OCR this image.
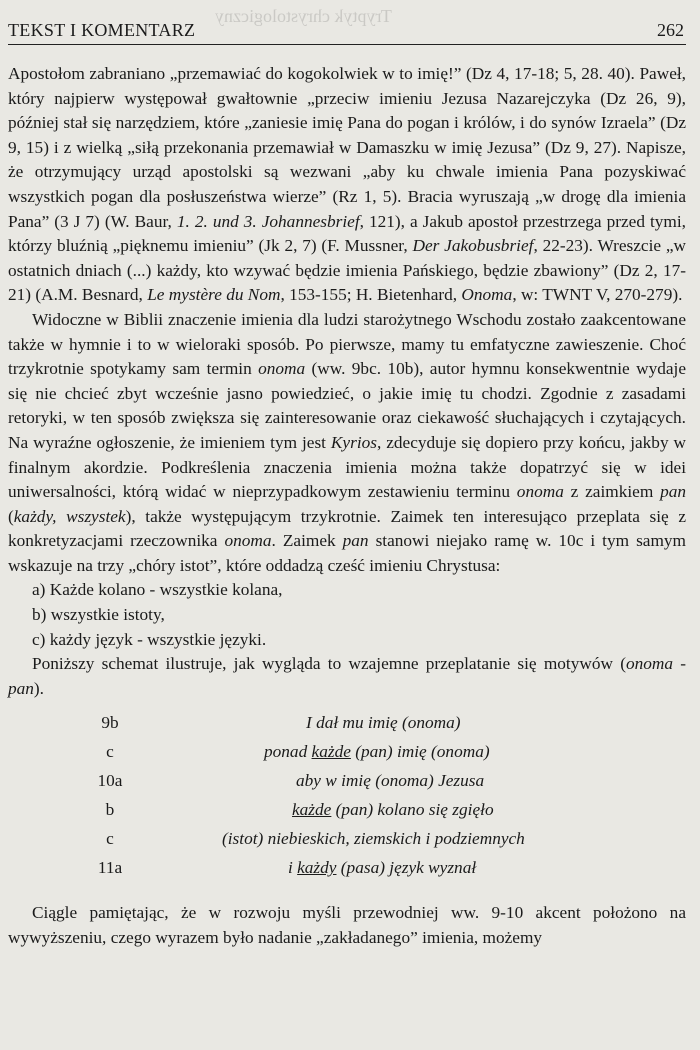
Tryptyk chrystologiczny
TEKST I KOMENTARZ	262

Apostołom zabraniano „przemawiać do kogokolwiek w to imię!” (Dz 4, 17-18; 5, 28. 40). Paweł, który najpierw występował gwałtownie „przeciw imieniu Jezusa Nazarejczyka (Dz 26, 9), później stał się narzędziem, które „zaniesie imię Pana do pogan i królów, i do synów Izraela” (Dz 9, 15) i z wielką „siłą przekonania przemawiał w Damaszku w imię Jezusa” (Dz 9, 27). Napisze, że otrzymujący urząd apostolski są wezwani „aby ku chwale imienia Pana pozyskiwać wszystkich pogan dla posłuszeństwa wierze” (Rz 1, 5). Bracia wyruszają „w drogę dla imienia Pana” (3 J 7) (W. Baur, 1. 2. und 3. Johannesbrief, 121), a Jakub apostoł przestrzega przed tymi, którzy bluźnią „pięknemu imieniu” (Jk 2, 7) (F. Mussner, Der Jakobusbrief, 22-23). Wreszcie „w ostatnich dniach (...) każdy, kto wzywać będzie imienia Pańskiego, będzie zbawiony” (Dz 2, 17-21) (A.M. Besnard, Le mystère du Nom, 153-155; H. Bietenhard, Onoma, w: TWNT V, 270-279).

Widoczne w Biblii znaczenie imienia dla ludzi starożytnego Wschodu zostało zaakcentowane także w hymnie i to w wieloraki sposób. Po pierwsze, mamy tu emfatyczne zawieszenie. Choć trzykrotnie spotykamy sam termin onoma (ww. 9bc. 10b), autor hymnu konsekwentnie wydaje się nie chcieć zbyt wcześnie jasno powiedzieć, o jakie imię tu chodzi. Zgodnie z zasadami retoryki, w ten sposób zwiększa się zainteresowanie oraz ciekawość słuchających i czytających. Na wyraźne ogłoszenie, że imieniem tym jest Kyrios, zdecyduje się dopiero przy końcu, jakby w finalnym akordzie. Podkreślenia znaczenia imienia można także dopatrzyć się w idei uniwersalności, którą widać w nieprzypadkowym zestawieniu terminu onoma z zaimkiem pan (każdy, wszystek), także występującym trzykrotnie. Zaimek ten interesująco przeplata się z konkretyzacjami rzeczownika onoma. Zaimek pan stanowi niejako ramę w. 10c i tym samym wskazuje na trzy „chóry istot”, które oddadzą cześć imieniu Chrystusa:

a) Każde kolano - wszystkie kolana,
b) wszystkie istoty,
c) każdy język - wszystkie języki.

Poniższy schemat ilustruje, jak wygląda to wzajemne przeplatanie się motywów (onoma - pan).

9b	I dał mu imię (onoma)
c	ponad każde (pan) imię (onoma)
10a	aby w imię (onoma) Jezusa
b	każde (pan) kolano się zgięło
c	(istot) niebieskich, ziemskich i podziemnych
11a	i każdy (pasa) język wyznał

Ciągle pamiętając, że w rozwoju myśli przewodniej ww. 9-10 akcent położono na wywyższeniu, czego wyrazem było nadanie „zakładanego” imienia, możemy
